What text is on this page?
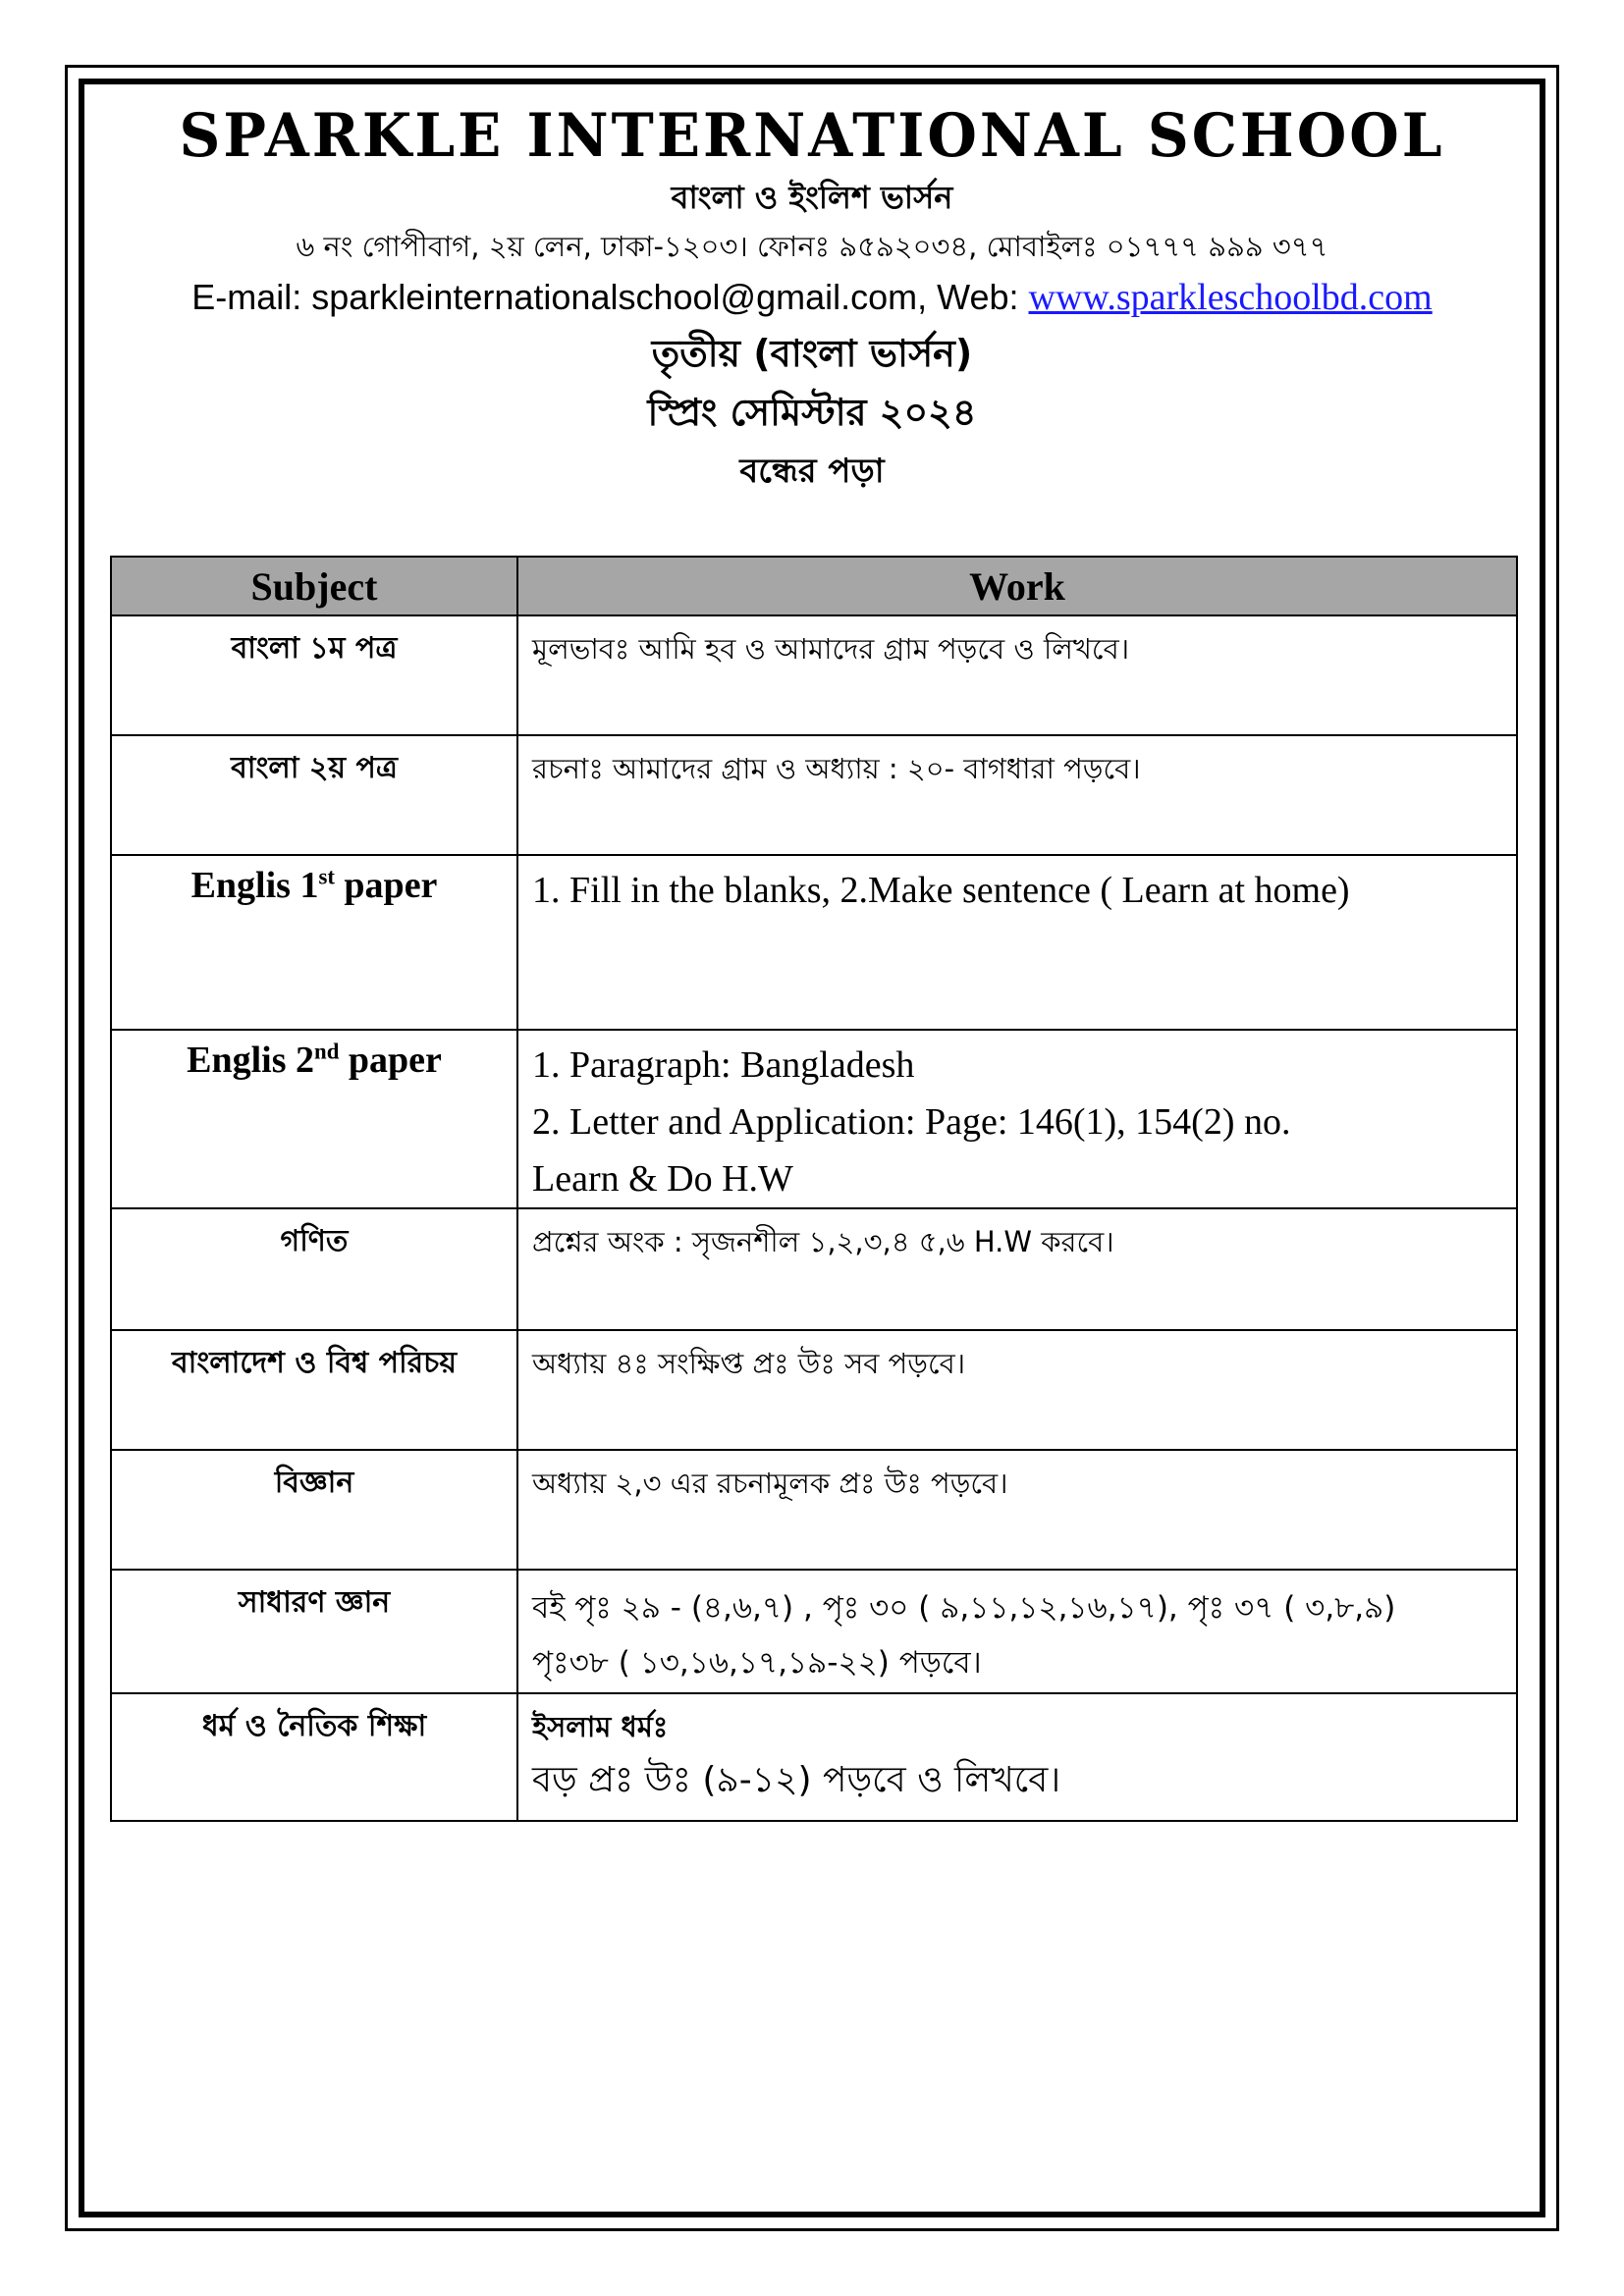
SPARKLE INTERNATIONAL SCHOOL
বাংলা ও ইংলিশ ভার্সন
৬ নং গোপীবাগ, ২য় লেন, ঢাকা-১২০৩। ফোনঃ ৯৫৯২০৩৪, মোবাইলঃ ০১৭৭৭ ৯৯৯ ৩৭৭
E-mail: sparkleinternationalschool@gmail.com, Web: www.sparkleschoolbd.com
তৃতীয় (বাংলা ভার্সন)
স্প্রিং সেমিস্টার ২০২৪
বন্ধের পড়া
Subject	Work
বাংলা ১ম পত্র	মূলভাবঃ আমি হব ও আমাদের গ্রাম পড়বে ও লিখবে।
বাংলা ২য় পত্র	রচনাঃ আমাদের গ্রাম ও অধ্যায় : ২০- বাগধারা পড়বে।
Englis 1st paper	1. Fill in the blanks, 2.Make sentence ( Learn at home)
Englis 2nd paper	1. Paragraph: Bangladesh
2. Letter and Application: Page: 146(1), 154(2) no.
Learn & Do H.W

গণিত	প্রশ্নের অংক : সৃজনশীল ১,২,৩,৪ ৫,৬ H.W করবে।
বাংলাদেশ ও বিশ্ব পরিচয়	অধ্যায় ৪ঃ সংক্ষিপ্ত প্রঃ উঃ সব পড়বে।
বিজ্ঞান	অধ্যায় ২,৩ এর রচনামূলক প্রঃ উঃ পড়বে।
সাধারণ জ্ঞান	বই পৃঃ ২৯ - (৪,৬,৭) , পৃঃ ৩০ ( ৯,১১,১২,১৬,১৭), পৃঃ ৩৭ ( ৩,৮,৯)
পৃঃ৩৮ ( ১৩,১৬,১৭,১৯-২২) পড়বে।

ধর্ম ও নৈতিক শিক্ষা	ইসলাম ধর্মঃ
বড় প্রঃ উঃ (৯-১২) পড়বে ও লিখবে।
